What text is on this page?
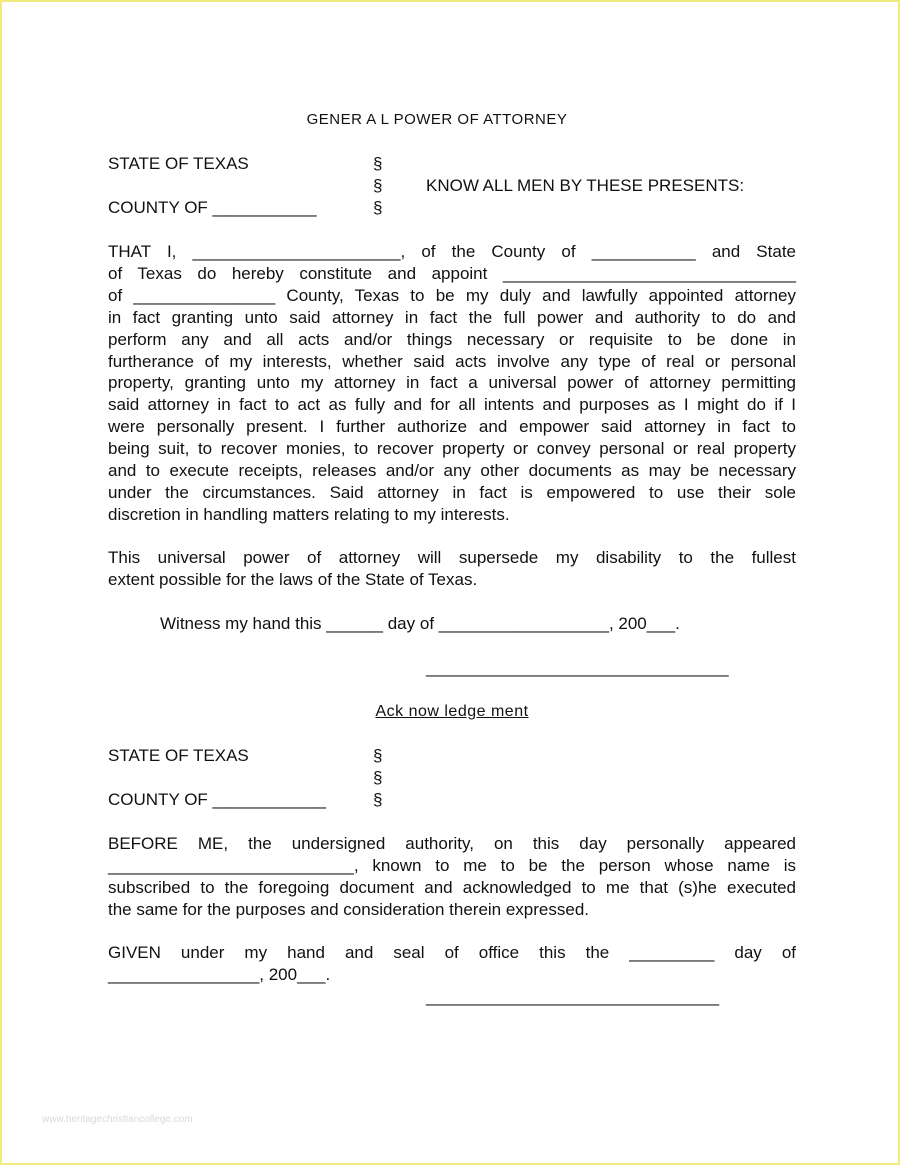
GENER A L POWER OF ATTORNEY
STATE OF TEXAS
COUNTY OF ___________
§
§
§
KNOW ALL MEN BY THESE PRESENTS:
THAT I, ______________________, of the County of ___________ and State
of Texas do hereby constitute and appoint _______________________________
of _______________ County, Texas to be my duly and lawfully appointed attorney
in fact granting unto said attorney in fact the full power and authority to do and
perform any and all acts and/or things necessary or requisite to be done in
furtherance of my interests, whether said acts involve any type of real or personal
property, granting unto my attorney in fact a universal power of attorney permitting
said attorney in fact to act as fully and for all intents and purposes as I might do if I
were personally present. I further authorize and empower said attorney in fact to
being suit, to recover monies, to recover property or convey personal or real property
and to execute receipts, releases and/or any other documents as may be necessary
under the circumstances. Said attorney in fact is empowered to use their sole
discretion in handling matters relating to my interests.
This universal power of attorney will supersede my disability to the fullest
extent possible for the laws of the State of Texas.
Witness my hand this ______ day of __________________, 200___.
________________________________
Ack now ledge ment
STATE OF TEXAS
COUNTY OF ____________
§
§
§
BEFORE ME, the undersigned authority, on this day personally appeared
__________________________, known to me to be the person whose name is
subscribed to the foregoing document and acknowledged to me that (s)he executed
the same for the purposes and consideration therein expressed.
GIVEN under my hand and seal of office this the _________ day of
________________, 200___.
_______________________________
www.heritagechristiancollege.com
